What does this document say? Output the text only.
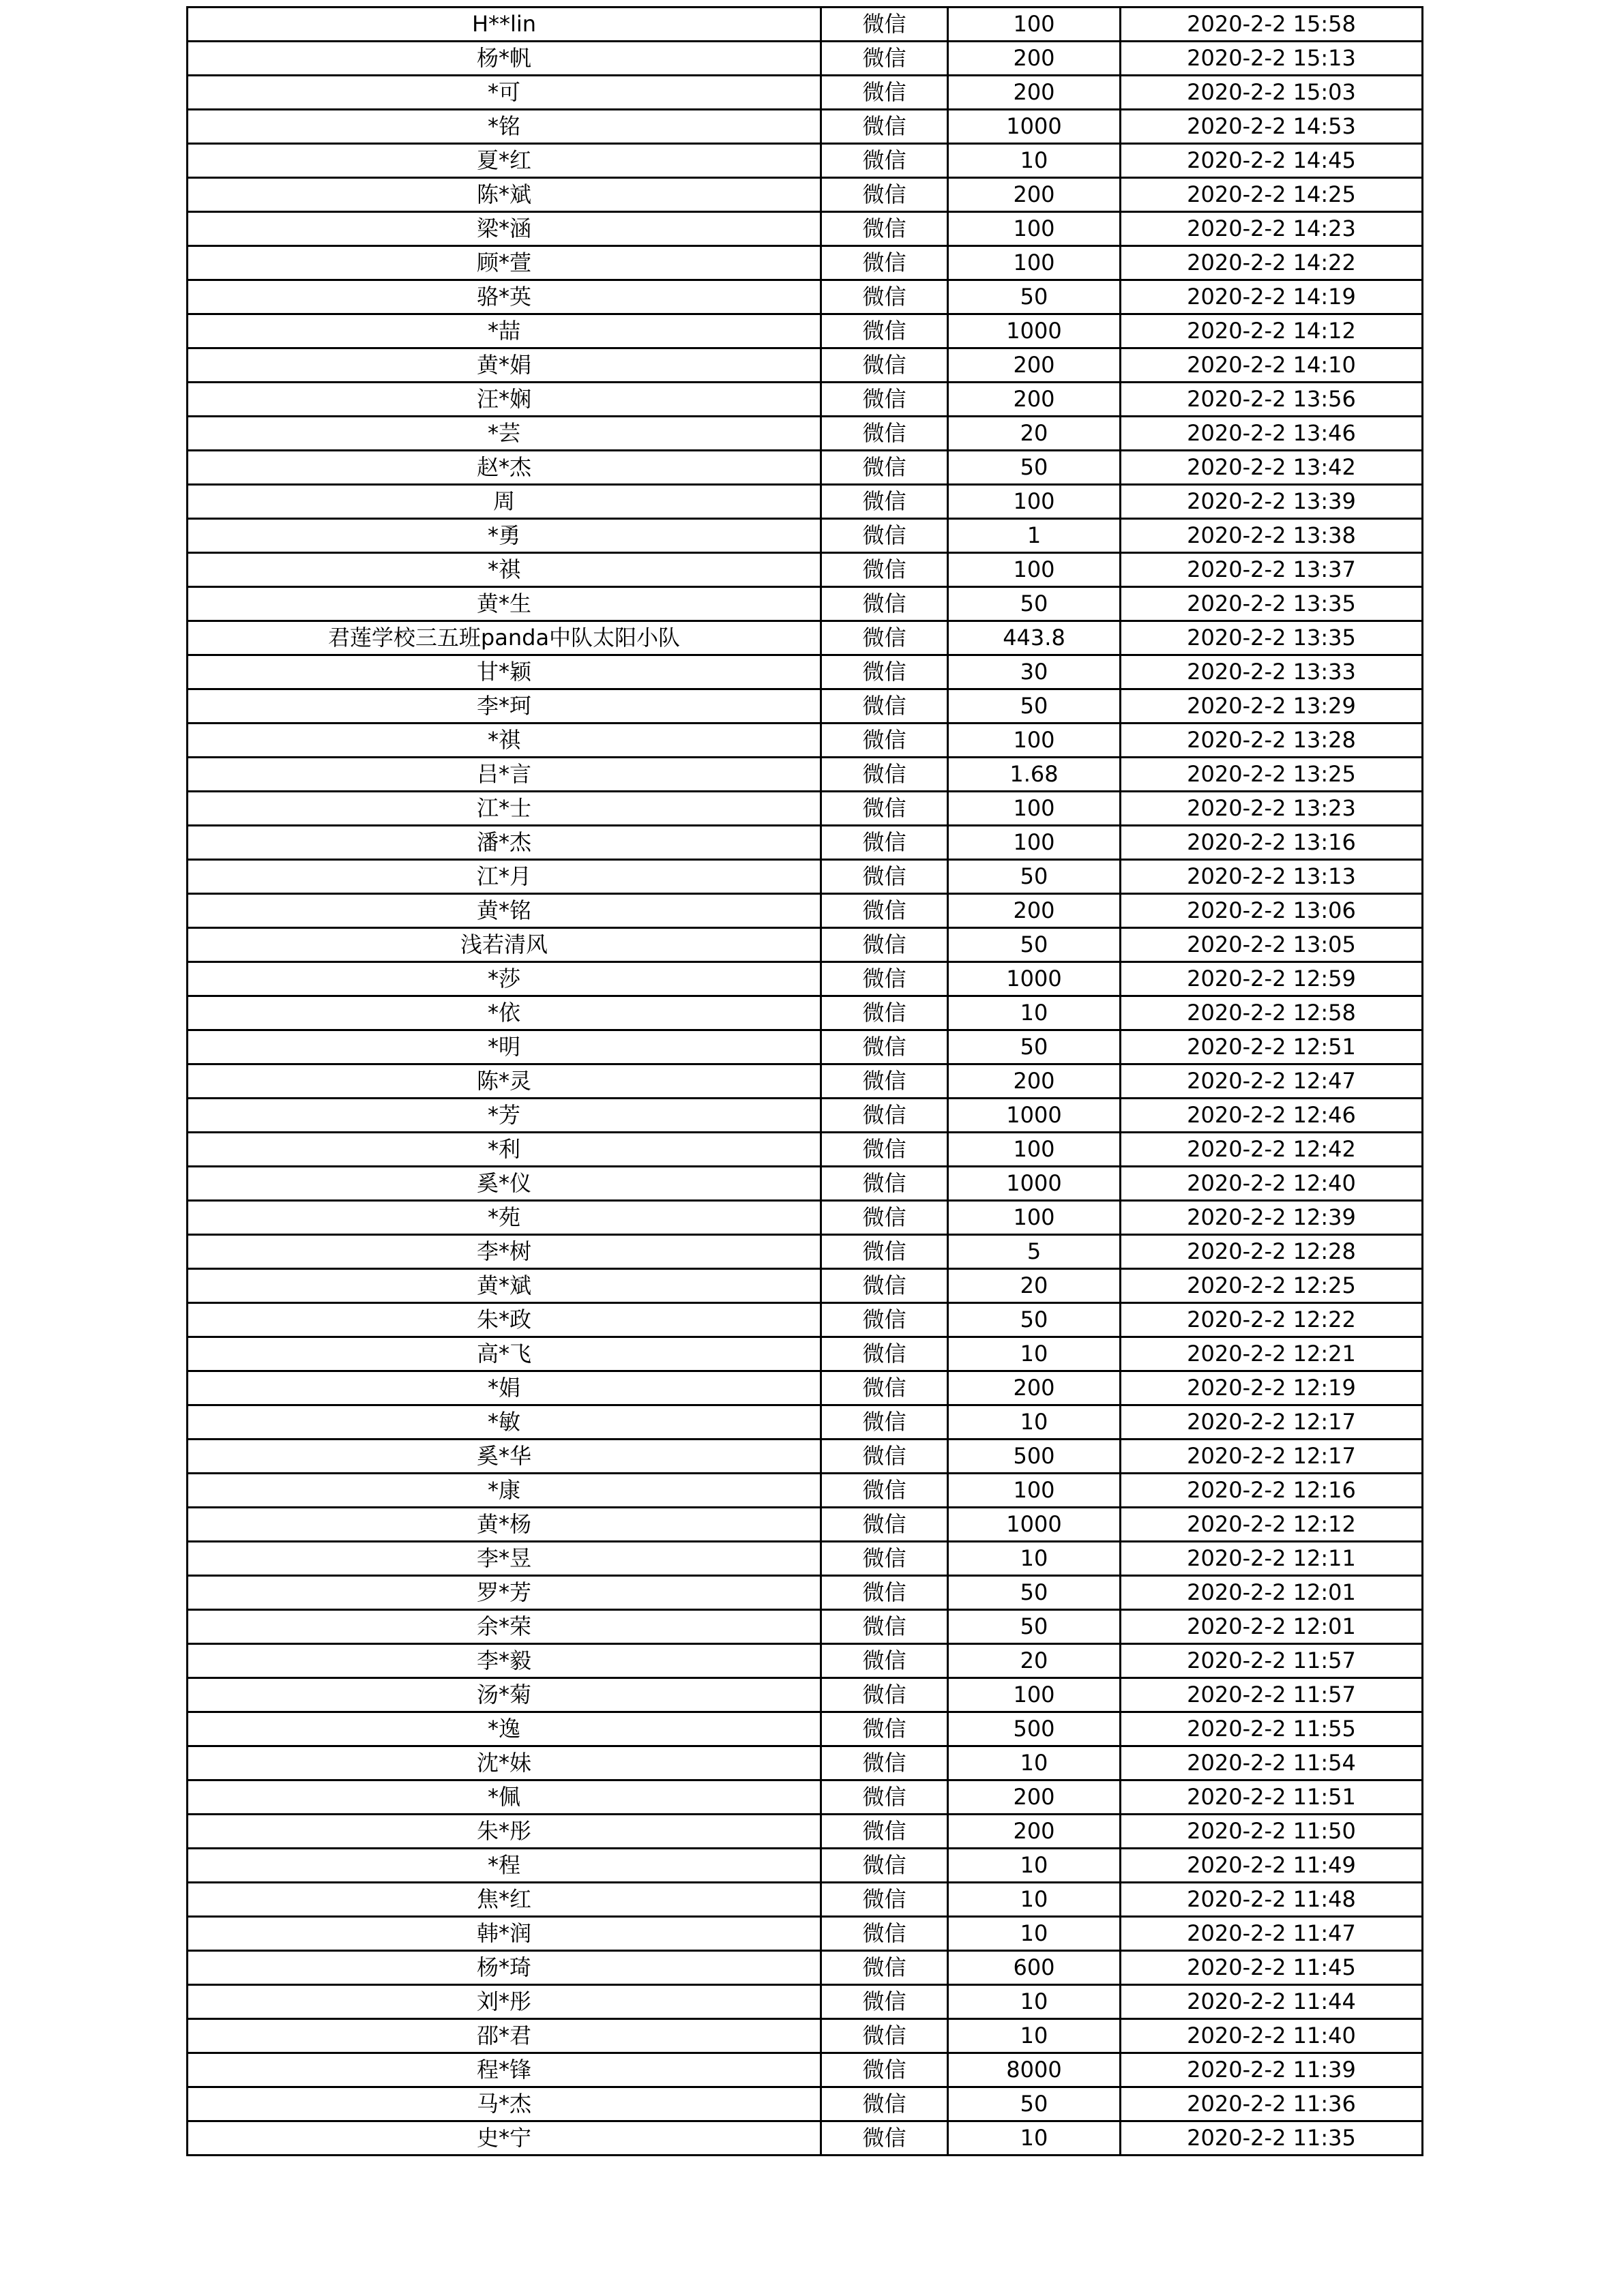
H**lin	微信	100	2020-2-2 15:58
杨*帆	微信	200	2020-2-2 15:13
*可	微信	200	2020-2-2 15:03
*铭	微信	1000	2020-2-2 14:53
夏*红	微信	10	2020-2-2 14:45
陈*斌	微信	200	2020-2-2 14:25
梁*涵	微信	100	2020-2-2 14:23
顾*萱	微信	100	2020-2-2 14:22
骆*英	微信	50	2020-2-2 14:19
*喆	微信	1000	2020-2-2 14:12
黄*娟	微信	200	2020-2-2 14:10
汪*娴	微信	200	2020-2-2 13:56
*芸	微信	20	2020-2-2 13:46
赵*杰	微信	50	2020-2-2 13:42
周	微信	100	2020-2-2 13:39
*勇	微信	1	2020-2-2 13:38
*祺	微信	100	2020-2-2 13:37
黄*生	微信	50	2020-2-2 13:35
君莲学校三五班panda中队太阳小队	微信	443.8	2020-2-2 13:35
甘*颖	微信	30	2020-2-2 13:33
李*珂	微信	50	2020-2-2 13:29
*祺	微信	100	2020-2-2 13:28
吕*言	微信	1.68	2020-2-2 13:25
江*士	微信	100	2020-2-2 13:23
潘*杰	微信	100	2020-2-2 13:16
江*月	微信	50	2020-2-2 13:13
黄*铭	微信	200	2020-2-2 13:06
浅若清风	微信	50	2020-2-2 13:05
*莎	微信	1000	2020-2-2 12:59
*依	微信	10	2020-2-2 12:58
*明	微信	50	2020-2-2 12:51
陈*灵	微信	200	2020-2-2 12:47
*芳	微信	1000	2020-2-2 12:46
*利	微信	100	2020-2-2 12:42
奚*仪	微信	1000	2020-2-2 12:40
*苑	微信	100	2020-2-2 12:39
李*树	微信	5	2020-2-2 12:28
黄*斌	微信	20	2020-2-2 12:25
朱*政	微信	50	2020-2-2 12:22
高*飞	微信	10	2020-2-2 12:21
*娟	微信	200	2020-2-2 12:19
*敏	微信	10	2020-2-2 12:17
奚*华	微信	500	2020-2-2 12:17
*康	微信	100	2020-2-2 12:16
黄*杨	微信	1000	2020-2-2 12:12
李*昱	微信	10	2020-2-2 12:11
罗*芳	微信	50	2020-2-2 12:01
余*荣	微信	50	2020-2-2 12:01
李*毅	微信	20	2020-2-2 11:57
汤*菊	微信	100	2020-2-2 11:57
*逸	微信	500	2020-2-2 11:55
沈*妹	微信	10	2020-2-2 11:54
*佩	微信	200	2020-2-2 11:51
朱*彤	微信	200	2020-2-2 11:50
*程	微信	10	2020-2-2 11:49
焦*红	微信	10	2020-2-2 11:48
韩*润	微信	10	2020-2-2 11:47
杨*琦	微信	600	2020-2-2 11:45
刘*彤	微信	10	2020-2-2 11:44
邵*君	微信	10	2020-2-2 11:40
程*锋	微信	8000	2020-2-2 11:39
马*杰	微信	50	2020-2-2 11:36
史*宁	微信	10	2020-2-2 11:35
